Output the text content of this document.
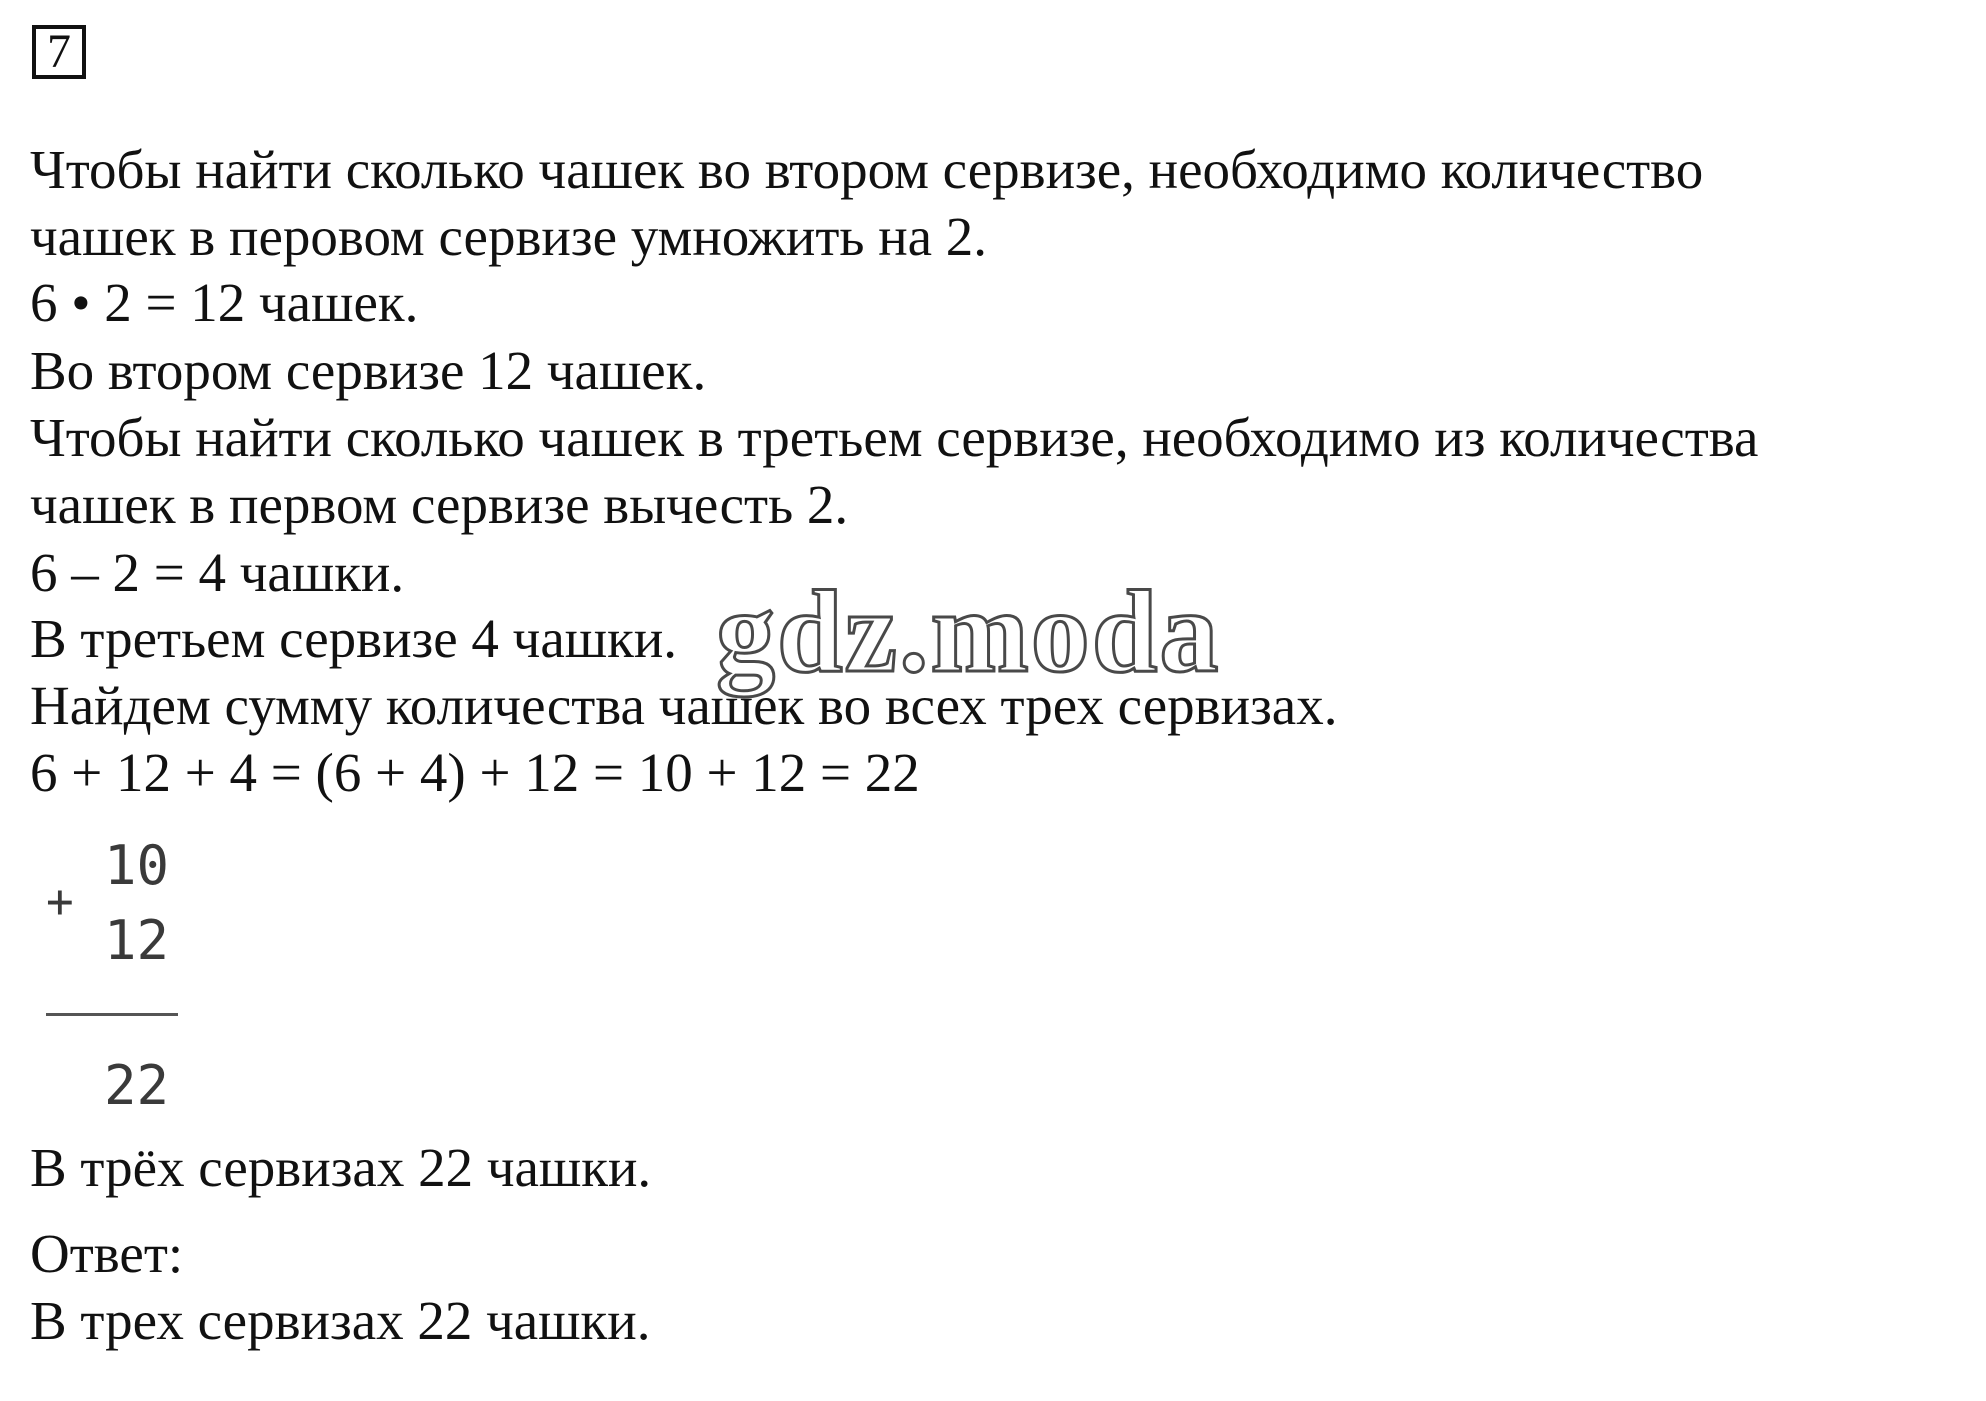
7
Чтобы найти сколько чашек во втором сервизе, необходимо количество
чашек в перовом сервизе умножить на 2.
6 • 2 = 12 чашек.
Во втором сервизе 12 чашек.
Чтобы найти сколько чашек в третьем сервизе, необходимо из количества
чашек в первом сервизе вычесть 2.
6 – 2 = 4 чашки.
В третьем сервизе 4 чашки.
Найдем сумму количества чашек во всех трех сервизах.
6 + 12 + 4 = (6 + 4) + 12 = 10 + 12 = 22
+
10
12
22
В трёх сервизах 22 чашки.
Ответ:
В трех сервизах 22 чашки.
gdz.moda
